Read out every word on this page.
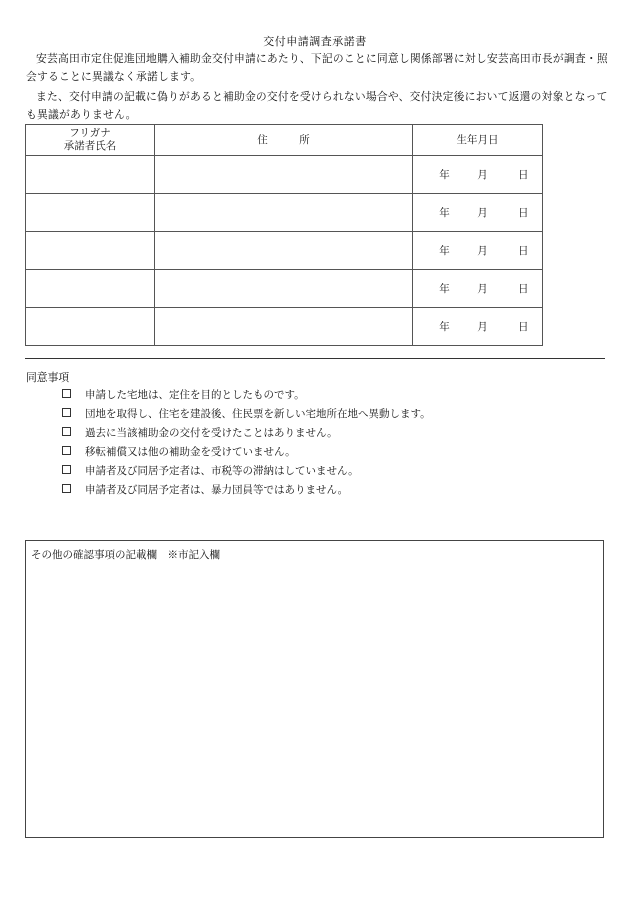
交付申請調査承諾書
安芸高田市定住促進団地購入補助金交付申請にあたり、下記のことに同意し関係部署に対し安芸高田市長が調査・照会することに異議なく承諾します。
また、交付申請の記載に偽りがあると補助金の交付を受けられない場合や、交付決定後において返還の対象となっても異議がありません。
フリガナ
承諾者氏名	住　　　所	生年月日
		年 月 日
		年 月 日
		年 月 日
		年 月 日
		年 月 日
同意事項
申請した宅地は、定住を目的としたものです。
団地を取得し、住宅を建設後、住民票を新しい宅地所在地へ異動します。
過去に当該補助金の交付を受けたことはありません。
移転補償又は他の補助金を受けていません。
申請者及び同居予定者は、市税等の滞納はしていません。
申請者及び同居予定者は、暴力団員等ではありません。
その他の確認事項の記載欄　※市記入欄
